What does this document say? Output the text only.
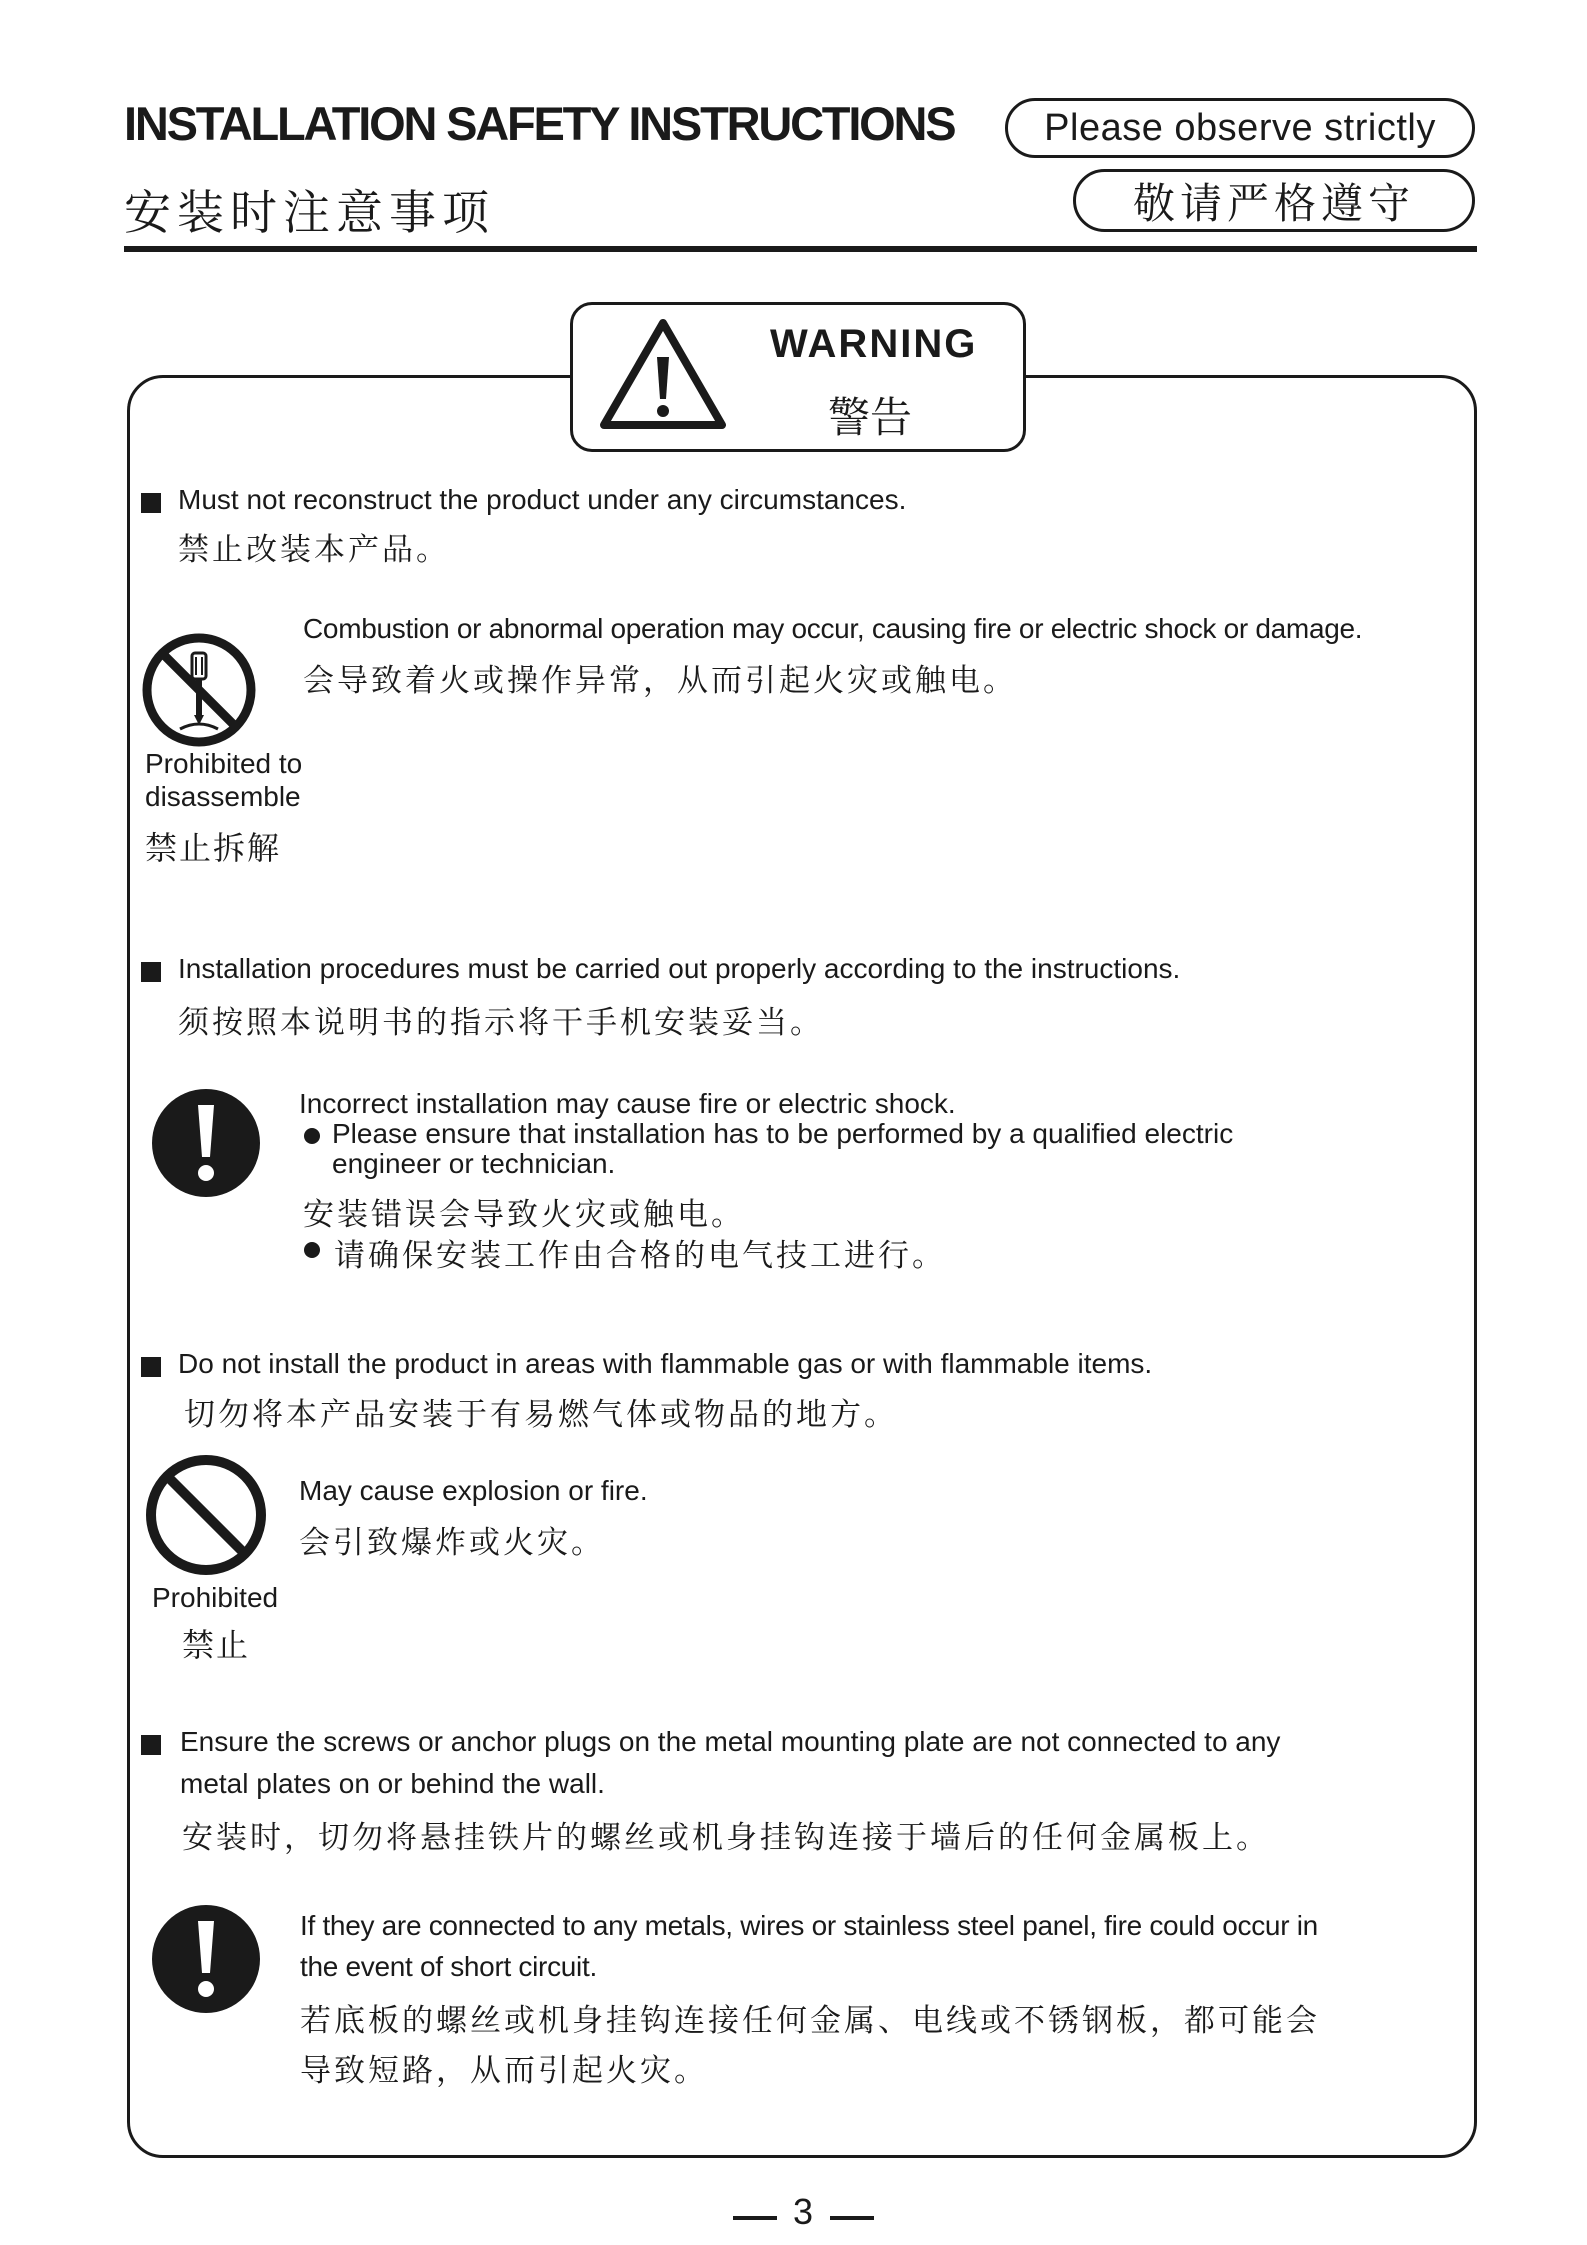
INSTALLATION SAFETY INSTRUCTIONS
安装时注意事项
Please observe strictly
敬请严格遵守
WARNING
警告
Must not reconstruct the product under any circumstances.
禁止改装本产品。
Prohibited to
disassemble
禁止拆解
Combustion or abnormal operation may occur, causing fire or electric shock or damage.
会导致着火或操作异常，从而引起火灾或触电。
Installation procedures must be carried out properly according to the instructions.
须按照本说明书的指示将干手机安装妥当。
Incorrect installation may cause fire or electric shock.
Please ensure that installation has to be performed by a qualified electric
engineer or technician.
安装错误会导致火灾或触电。
请确保安装工作由合格的电气技工进行。
Do not install the product in areas with flammable gas or with flammable items.
切勿将本产品安装于有易燃气体或物品的地方。
Prohibited
禁止
May cause explosion or fire.
会引致爆炸或火灾。
Ensure the screws or anchor plugs on the metal mounting plate are not connected to any
metal plates on or behind the wall.
安装时，切勿将悬挂铁片的螺丝或机身挂钩连接于墙后的任何金属板上。
If they are connected to any metals, wires or stainless steel panel, fire could occur in
the event of short circuit.
若底板的螺丝或机身挂钩连接任何金属、电线或不锈钢板，都可能会
导致短路，从而引起火灾。
3
